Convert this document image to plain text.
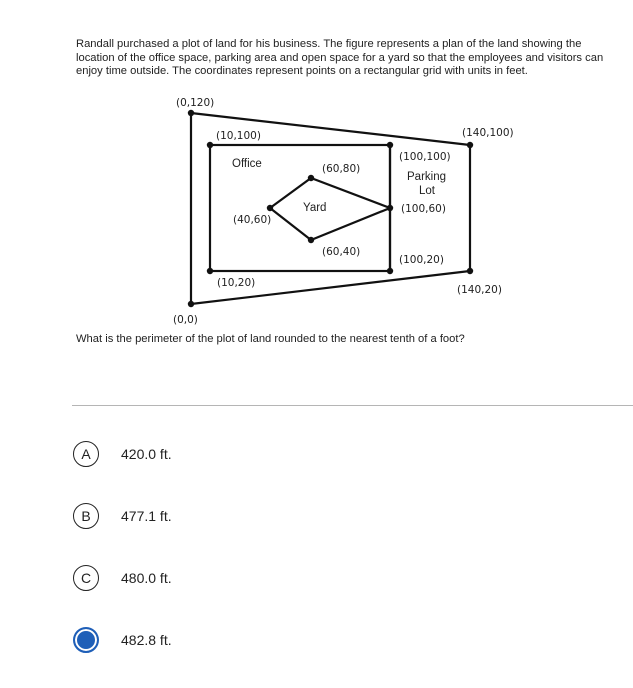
Randall purchased a plot of land for his business. The figure represents a plan of the land showing the location of the office space, parking area and open space for a yard so that the employees and visitors can enjoy time outside. The coordinates represent points on a rectangular grid with units in feet.
(0,120)
(10,100)	(140,100)
(100,100)
(60,80)
(40,60)
(100,60)
(60,40)
(100,20)
(10,20)
(140,20)
(0,0)
Office
Yard
Parking
Lot
What is the perimeter of the plot of land rounded to the nearest tenth of a foot?
A	420.0 ft.
B	477.1 ft.
C	480.0 ft.
482.8 ft.
